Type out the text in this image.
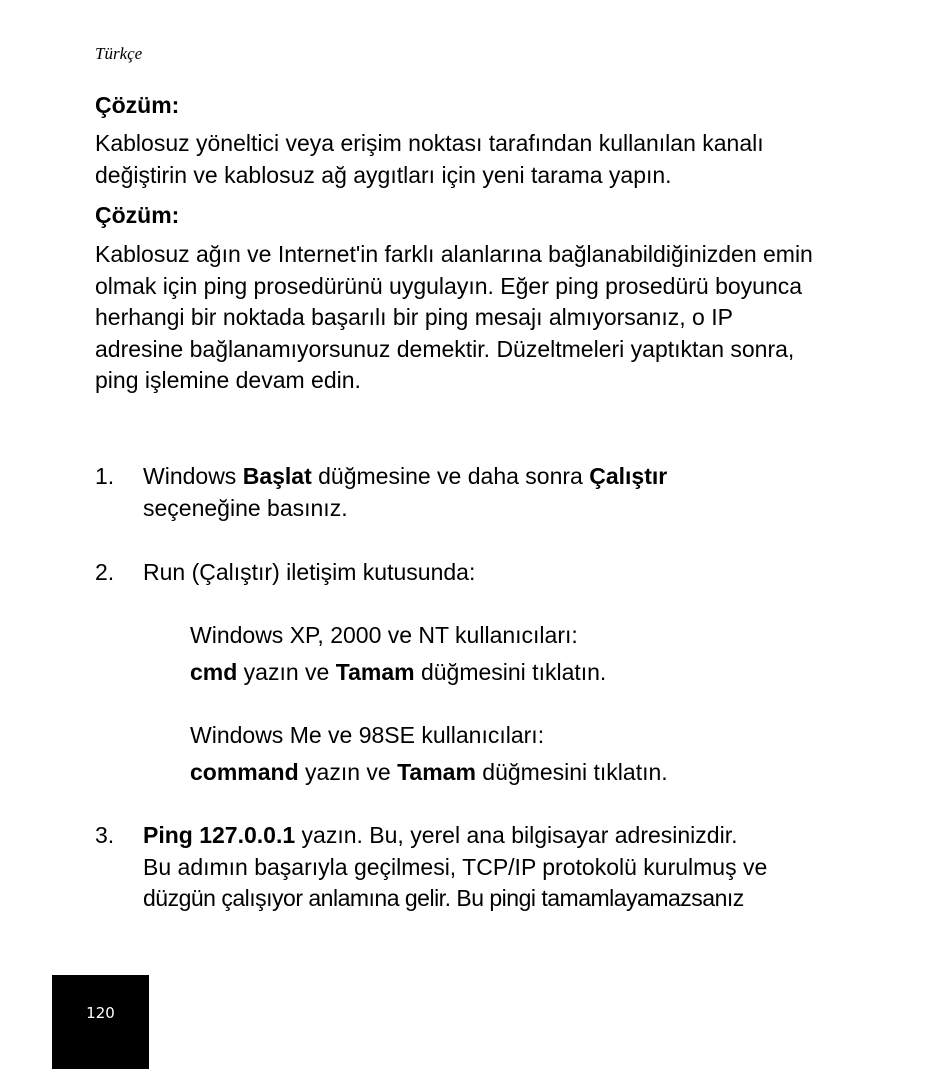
Türkçe
Çözüm:
Kablosuz yöneltici veya erişim noktası tarafından kullanılan kanalı değiştirin ve kablosuz ağ aygıtları için yeni tarama yapın.
Çözüm:
Kablosuz ağın ve Internet'in farklı alanlarına bağlanabildiğinizden emin olmak için ping prosedürünü uygulayın. Eğer ping prosedürü boyunca herhangi bir noktada başarılı bir ping mesajı almıyorsanız, o IP adresine bağlanamıyorsunuz demektir. Düzeltmeleri yaptıktan sonra, ping işlemine devam edin.
1. Windows Başlat düğmesine ve daha sonra Çalıştır seçeneğine basınız.
2. Run (Çalıştır) iletişim kutusunda:
Windows XP, 2000 ve NT kullanıcıları:
cmd yazın ve Tamam düğmesini tıklatın.
Windows Me ve 98SE kullanıcıları:
command yazın ve Tamam düğmesini tıklatın.
3. Ping 127.0.0.1 yazın. Bu, yerel ana bilgisayar adresinizdir.
Bu adımın başarıyla geçilmesi, TCP/IP protokolü kurulmuş ve
düzgün çalışıyor anlamına gelir. Bu pingi tamamlayamazsanız
120
